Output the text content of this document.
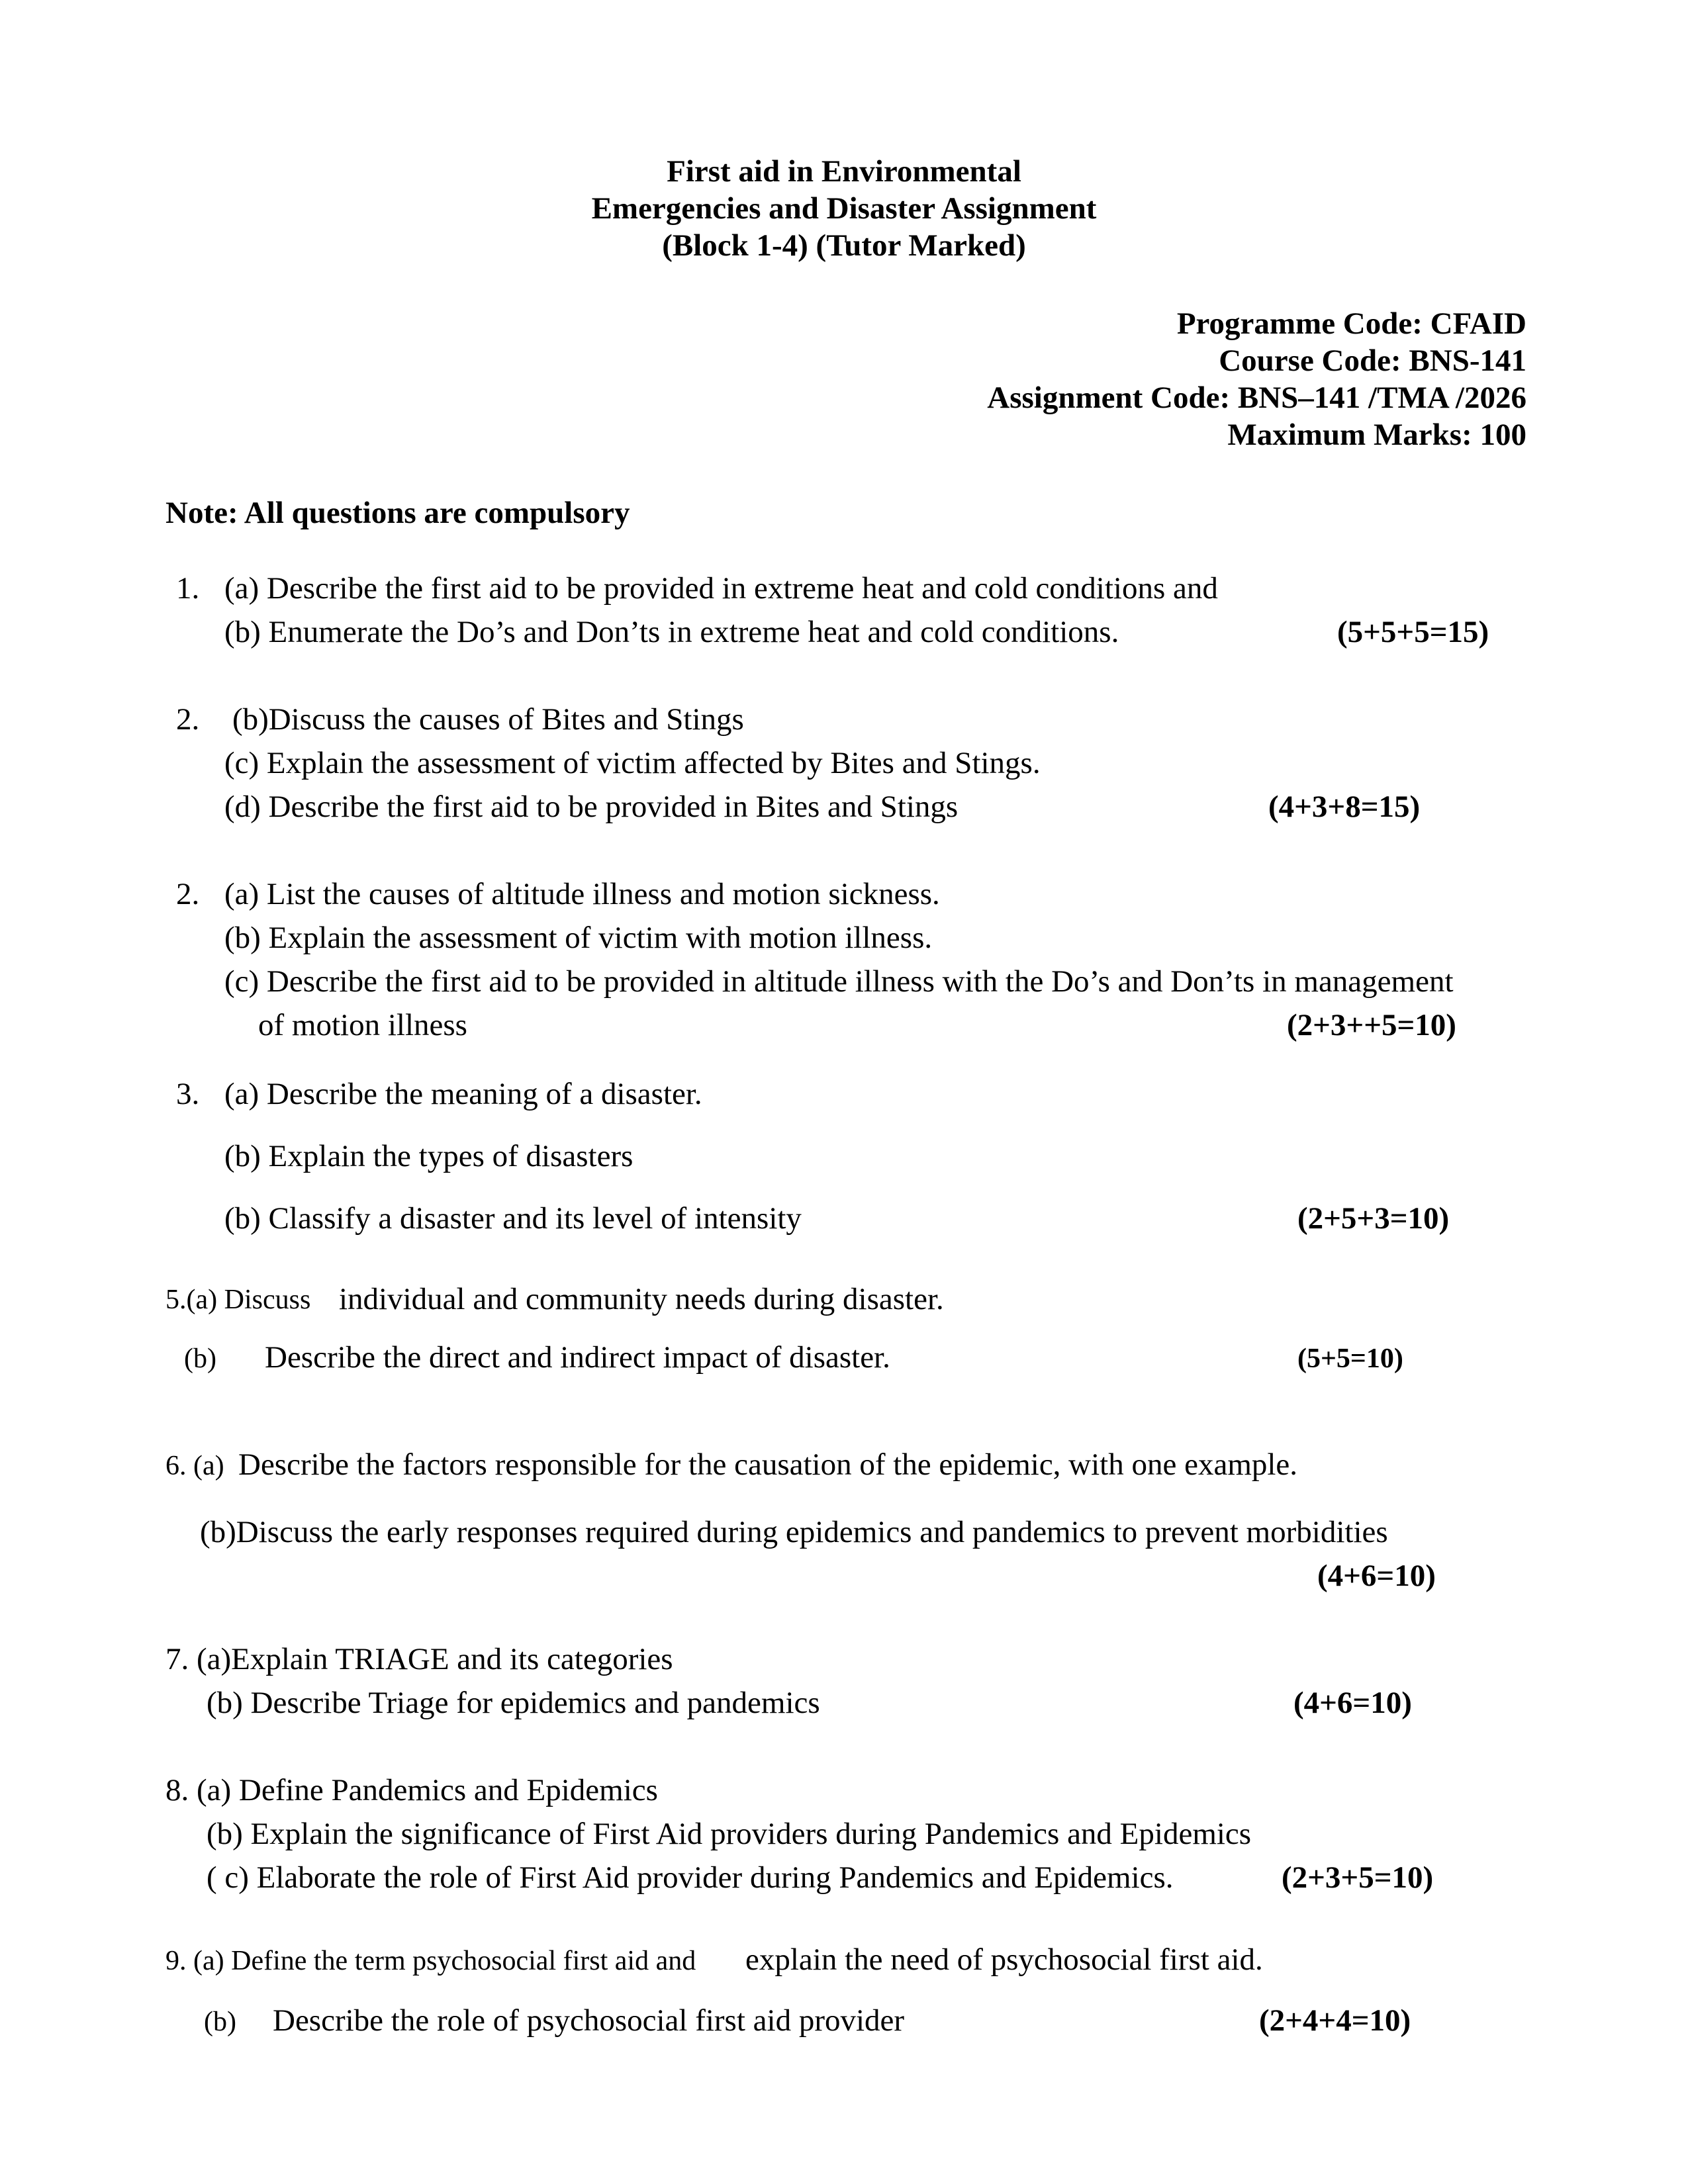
First aid in Environmental
Emergencies and Disaster Assignment
(Block 1-4) (Tutor Marked)
Programme Code: CFAID
Course Code: BNS-141
Assignment Code: BNS–141 /TMA /2026
Maximum Marks: 100
Note: All questions are compulsory
1. (a) Describe the first aid to be provided in extreme heat and cold conditions and
(b) Enumerate the Do’s and Don’ts in extreme heat and cold conditions.	(5+5+5=15)
2. (b)Discuss the causes of Bites and Stings
(c) Explain the assessment of victim affected by Bites and Stings.
(d) Describe the first aid to be provided in Bites and Stings	(4+3+8=15)
2. (a) List the causes of altitude illness and motion sickness.
(b) Explain the assessment of victim with motion illness.
(c) Describe the first aid to be provided in altitude illness with the Do’s and Don’ts in management
of motion illness	(2+3++5=10)
3. (a) Describe the meaning of a disaster.
(b) Explain the types of disasters
(b) Classify a disaster and its level of intensity	(2+5+3=10)
5.(a) Discuss individual and community needs during disaster.
(b) Describe the direct and indirect impact of disaster.	(5+5=10)
6. (a) Describe the factors responsible for the causation of the epidemic, with one example.
(b)Discuss the early responses required during epidemics and pandemics to prevent morbidities
(4+6=10)
7. (a)Explain TRIAGE and its categories
(b) Describe Triage for epidemics and pandemics	(4+6=10)
8. (a) Define Pandemics and Epidemics
(b) Explain the significance of First Aid providers during Pandemics and Epidemics
( c) Elaborate the role of First Aid provider during Pandemics and Epidemics.	(2+3+5=10)
9. (a) Define the term psychosocial first aid and explain the need of psychosocial first aid.
(b) Describe the role of psychosocial first aid provider	(2+4+4=10)
